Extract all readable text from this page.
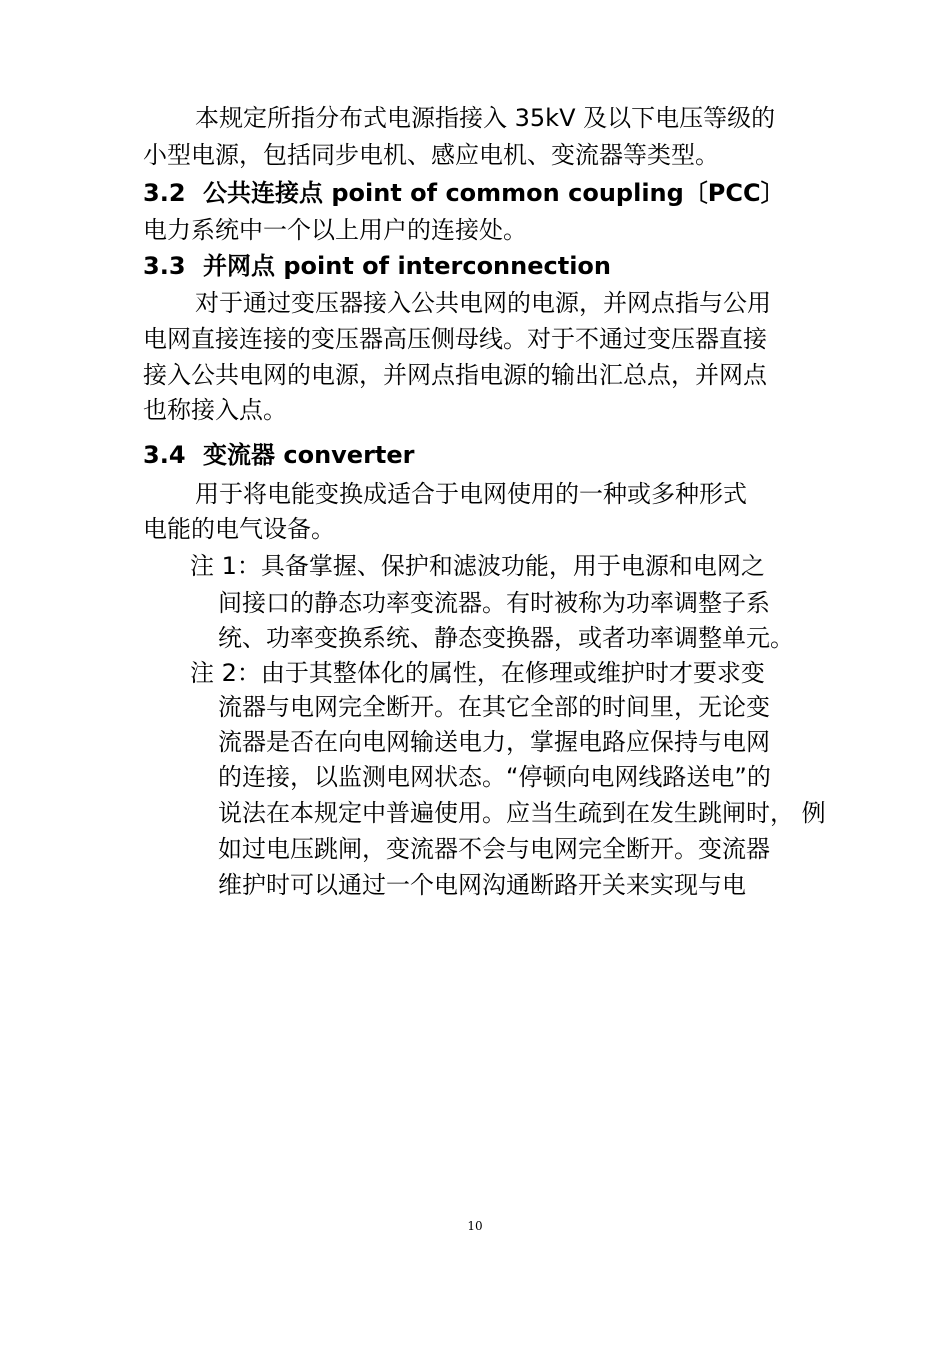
本规定所指分布式电源指接入 35kV 及以下电压等级的
小型电源，包括同步电机、感应电机、变流器等类型。
3.2 公共连接点 point of common coupling〔PCC〕
电力系统中一个以上用户的连接处。
3.3 并网点 point of interconnection
对于通过变压器接入公共电网的电源，并网点指与公用
电网直接连接的变压器高压侧母线。对于不通过变压器直接
接入公共电网的电源，并网点指电源的输出汇总点，并网点
也称接入点。
3.4 变流器 converter
用于将电能变换成适合于电网使用的一种或多种形式
电能的电气设备。
注 1：具备掌握、保护和滤波功能，用于电源和电网之
间接口的静态功率变流器。有时被称为功率调整子系
统、功率变换系统、静态变换器，或者功率调整单元。
注 2：由于其整体化的属性，在修理或维护时才要求变
流器与电网完全断开。在其它全部的时间里，无论变
流器是否在向电网输送电力，掌握电路应保持与电网
的连接，以监测电网状态。“停顿向电网线路送电”的
说法在本规定中普遍使用。应当生疏到在发生跳闸时， 例
如过电压跳闸，变流器不会与电网完全断开。变流器
维护时可以通过一个电网沟通断路开关来实现与电
10
